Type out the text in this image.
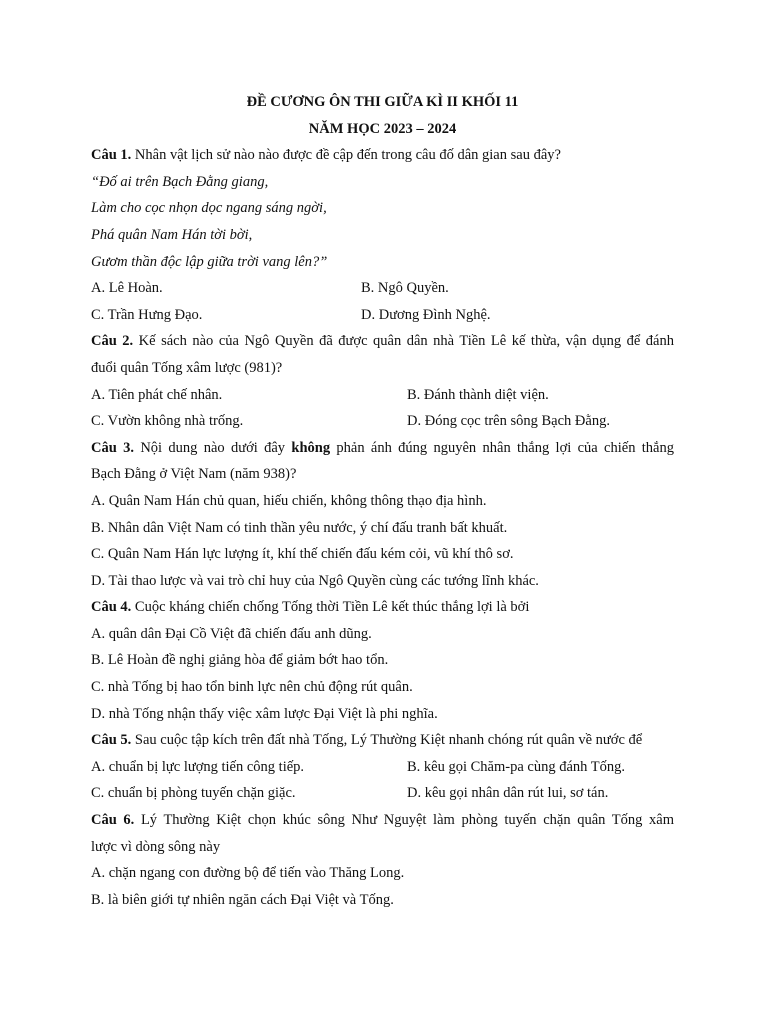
ĐỀ CƯƠNG ÔN THI GIỮA KÌ II KHỐI 11
NĂM HỌC 2023 – 2024
Câu 1. Nhân vật lịch sử nào nào được đề cập đến trong câu đố dân gian sau đây?
“Đố ai trên Bạch Đằng giang,
Làm cho cọc nhọn dọc ngang sáng ngời,
Phá quân Nam Hán tời bời,
Gươm thần độc lập giữa trời vang lên?”
A. Lê Hoàn.	B. Ngô Quyền.
C. Trần Hưng Đạo.	D. Dương Đình Nghệ.
Câu 2. Kế sách nào của Ngô Quyền đã được quân dân nhà Tiền Lê kế thừa, vận dụng để đánh
đuổi quân Tống xâm lược (981)?
A. Tiên phát chế nhân.	B. Đánh thành diệt viện.
C. Vườn không nhà trống.	D. Đóng cọc trên sông Bạch Đằng.
Câu 3. Nội dung nào dưới đây không phản ánh đúng nguyên nhân thắng lợi của chiến thắng
Bạch Đằng ở Việt Nam (năm 938)?
A. Quân Nam Hán chủ quan, hiếu chiến, không thông thạo địa hình.
B. Nhân dân Việt Nam có tinh thần yêu nước, ý chí đấu tranh bất khuất.
C. Quân Nam Hán lực lượng ít, khí thế chiến đấu kém cỏi, vũ khí thô sơ.
D. Tài thao lược và vai trò chỉ huy của Ngô Quyền cùng các tướng lĩnh khác.
Câu 4. Cuộc kháng chiến chống Tống thời Tiền Lê kết thúc thắng lợi là bởi
A. quân dân Đại Cồ Việt đã chiến đấu anh dũng.
B. Lê Hoàn đề nghị giảng hòa để giảm bớt hao tổn.
C. nhà Tống bị hao tổn binh lực nên chủ động rút quân.
D. nhà Tống nhận thấy việc xâm lược Đại Việt là phi nghĩa.
Câu 5. Sau cuộc tập kích trên đất nhà Tống, Lý Thường Kiệt nhanh chóng rút quân về nước để
A. chuẩn bị lực lượng tiến công tiếp.	B. kêu gọi Chăm-pa cùng đánh Tống.
C. chuẩn bị phòng tuyến chặn giặc.	D. kêu gọi nhân dân rút lui, sơ tán.
Câu 6. Lý Thường Kiệt chọn khúc sông Như Nguyệt làm phòng tuyến chặn quân Tống xâm
lược vì dòng sông này
A. chặn ngang con đường bộ để tiến vào Thăng Long.
B. là biên giới tự nhiên ngăn cách Đại Việt và Tống.
